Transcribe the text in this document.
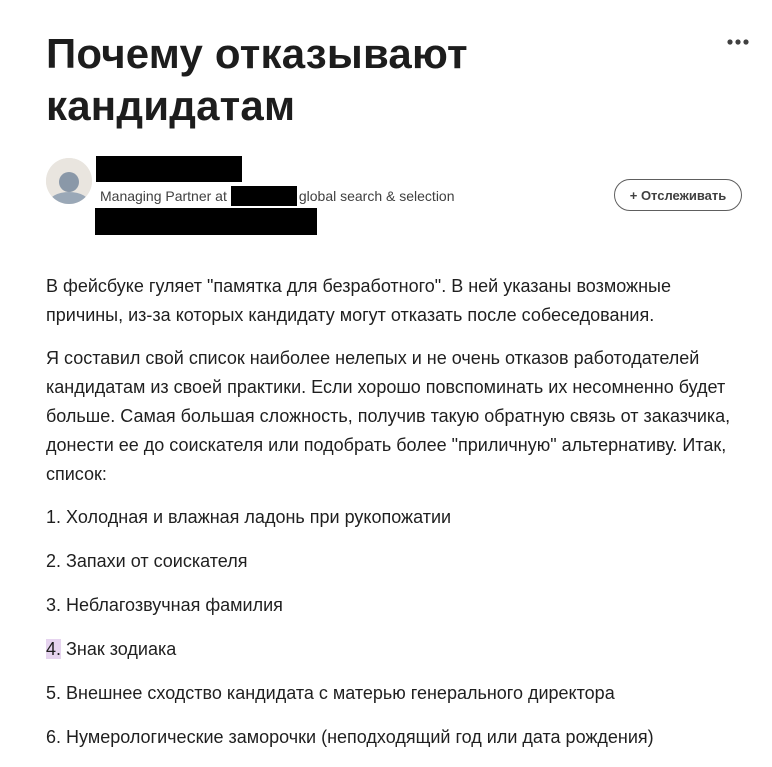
Почему отказывают кандидатам
Managing Partner at	global search & selection	+ Отслеживать

В фейсбуке гуляет "памятка для безработного". В ней указаны возможные причины, из-за которых кандидату могут отказать после собеседования.

Я составил свой список наиболее нелепых и не очень отказов работодателей кандидатам из своей практики. Если хорошо повспоминать их несомненно будет больше. Самая большая сложность, получив такую обратную связь от заказчика, донести ее до соискателя или подобрать более "приличную" альтернативу. Итак, список:

1. Холодная и влажная ладонь при рукопожатии
2. Запахи от соискателя
3. Неблагозвучная фамилия
4. Знак зодиака
5. Внешнее сходство кандидата с матерью генерального директора
6. Нумерологические заморочки (неподходящий год или дата рождения)
